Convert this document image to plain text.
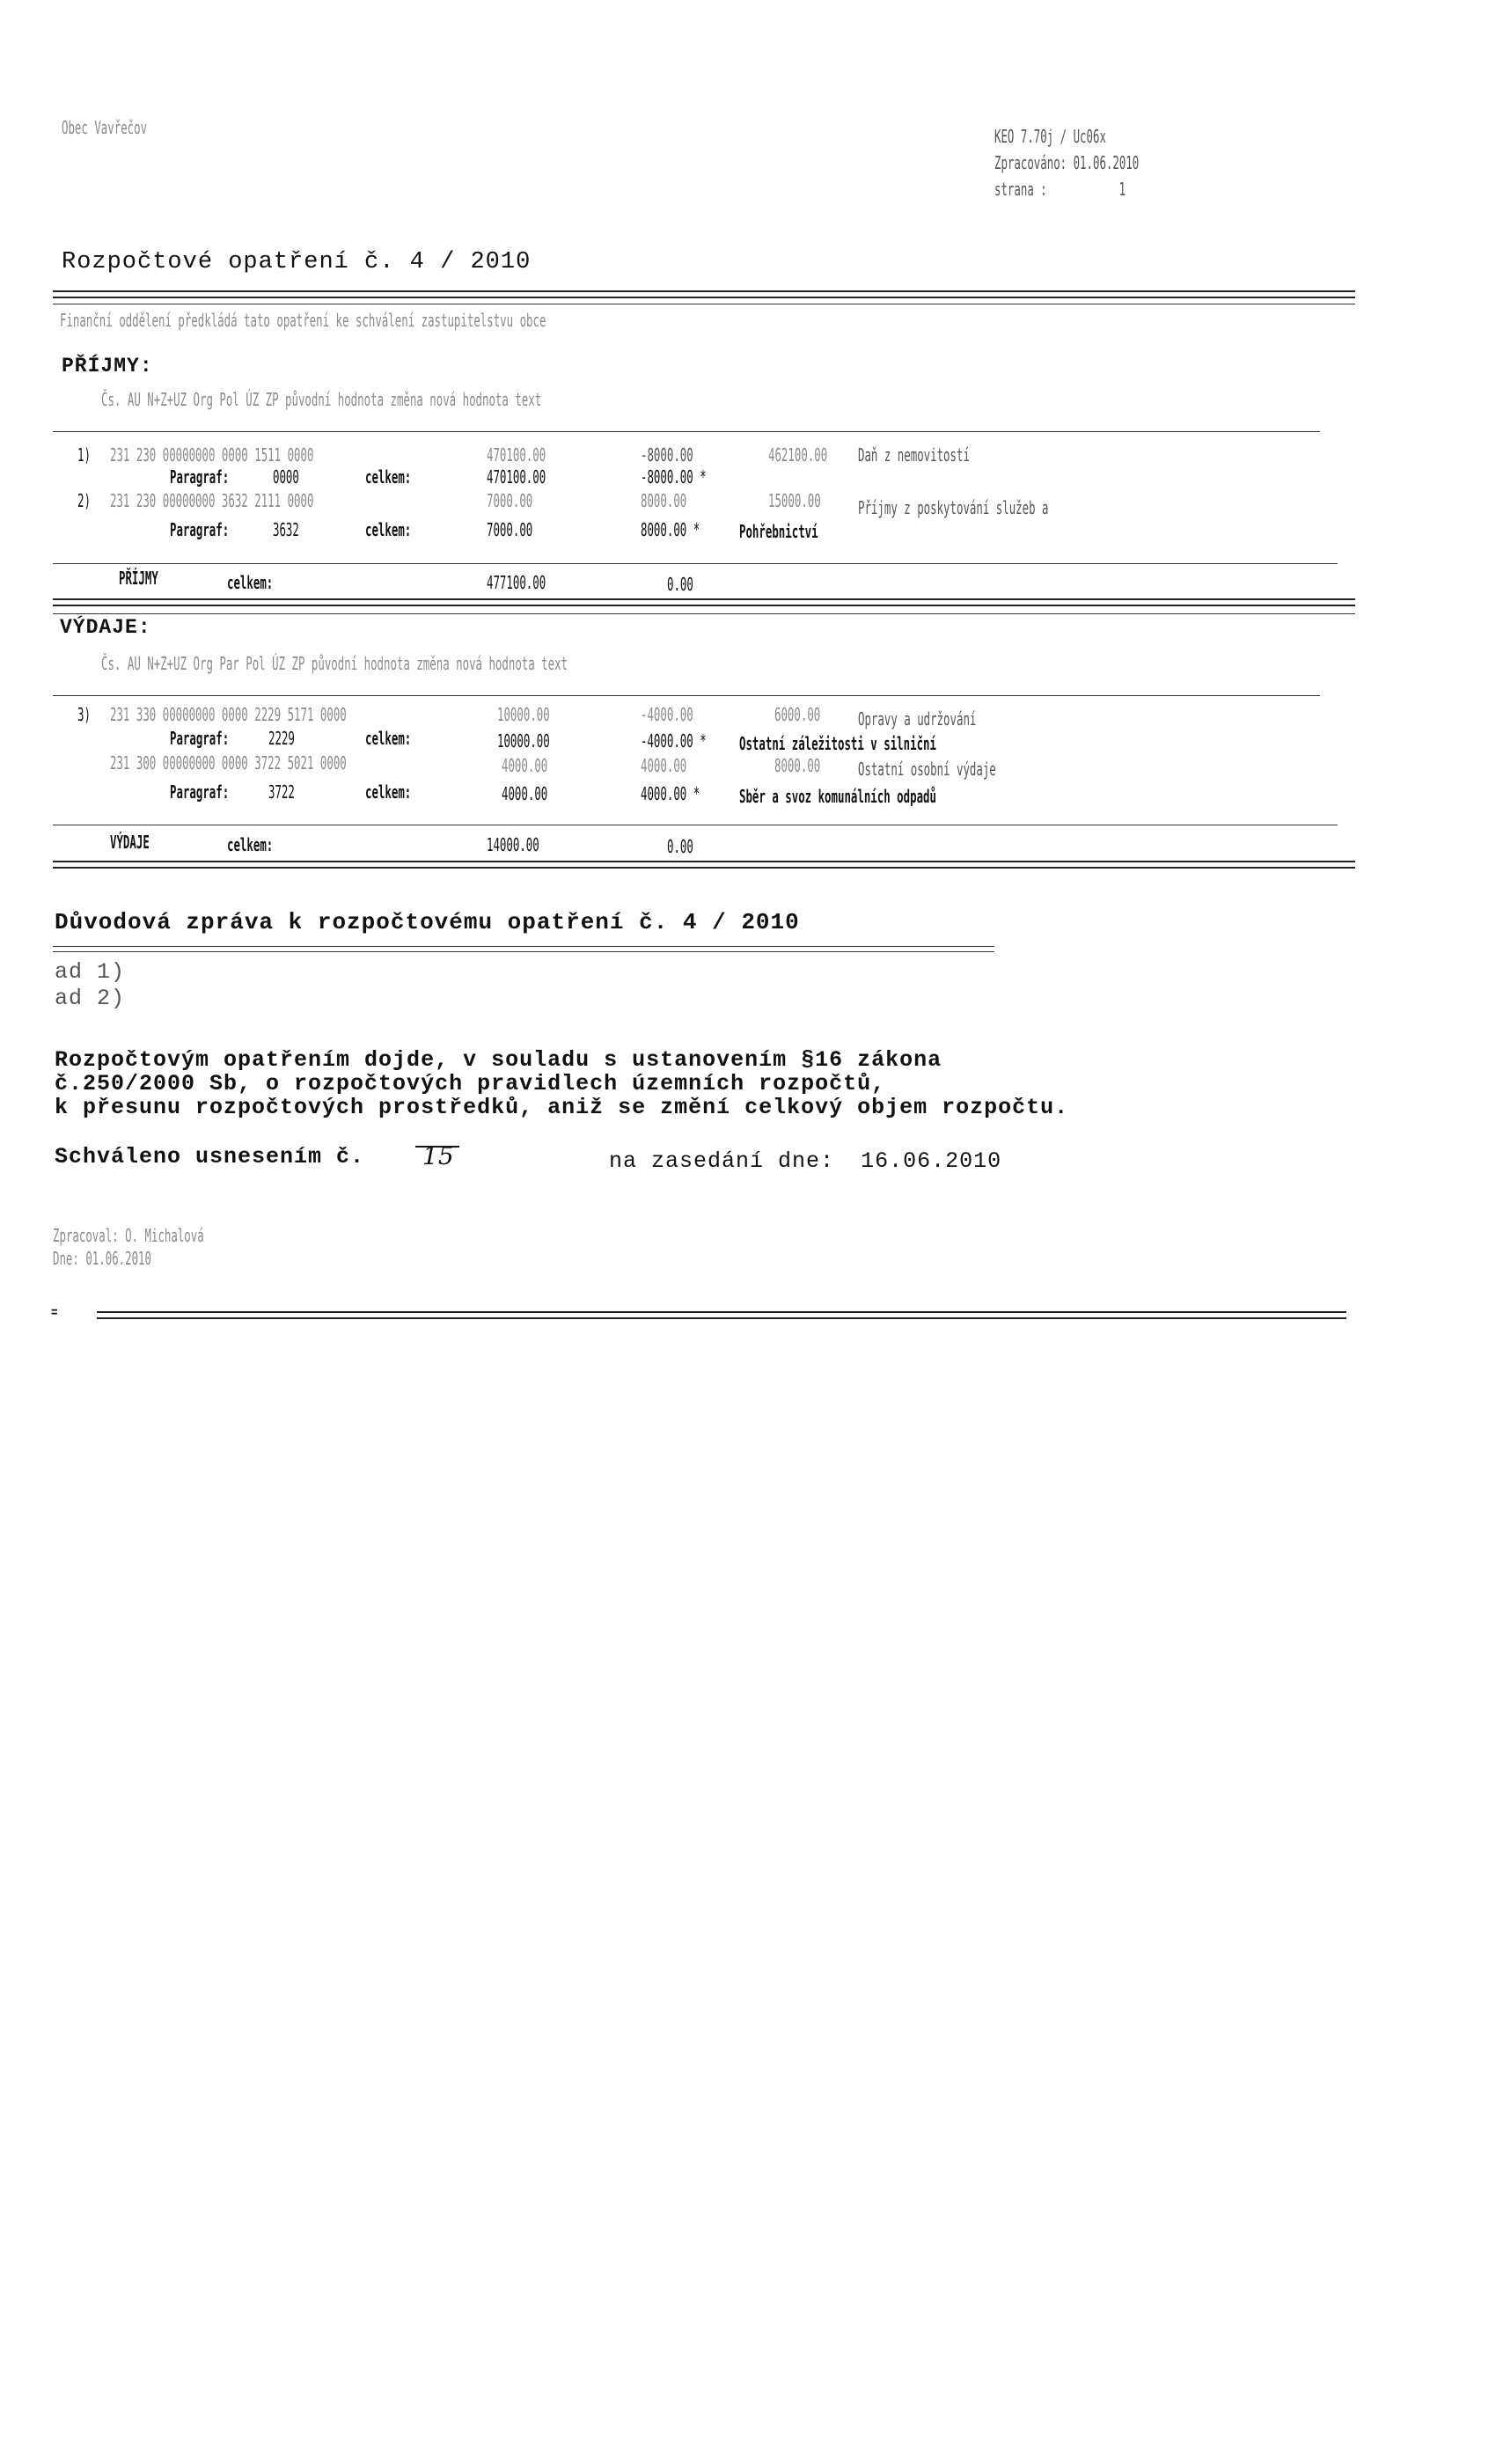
Obec Vavřečov	KEO 7.70j / Uc06x
Zpracováno: 01.06.2010
strana :	1
Rozpočtové opatření č. 4 / 2010
Finanční oddělení předkládá tato opatření ke schválení zastupitelstvu obce
PŘÍJMY:
Čs. AU N+Z+UZ Org Pol ÚZ ZP původní hodnota změna nová hodnota text
1) 231 230 00000000 0000 1511 0000	470100.00	-8000.00	462100.00 Daň z nemovitostí
Paragraf: 0000	celkem:	470100.00	-8000.00 *
2) 231 230 00000000 3632 2111 0000	7000.00	8000.00	15000.00 Příjmy z poskytování služeb a
Paragraf: 3632	celkem:	7000.00	8000.00 * Pohřebnictví
PŘÍJMY	celkem:	477100.00	0.00
VÝDAJE:
Čs. AU N+Z+UZ Org Par Pol ÚZ ZP původní hodnota změna nová hodnota text
3) 231 330 00000000 0000 2229 5171 0000	10000.00	-4000.00	6000.00 Opravy a udržování
Paragraf: 2229	celkem:	10000.00	-4000.00 * Ostatní záležitosti v silniční
231 300 00000000 0000 3722 5021 0000	4000.00	4000.00	8000.00 Ostatní osobní výdaje
Paragraf: 3722	celkem:	4000.00	4000.00 * Sběr a svoz komunálních odpadů
VÝDAJE	celkem:	14000.00	0.00
Důvodová zpráva k rozpočtovému opatření č. 4 / 2010
ad 1)
ad 2)
Rozpočtovým opatřením dojde, v souladu s ustanovením §16 zákona
č.250/2000 Sb, o rozpočtových pravidlech územních rozpočtů,
k přesunu rozpočtových prostředků, aniž se změní celkový objem rozpočtu.
Schváleno usnesením č. 15	na zasedání dne: 16.06.2010
Zpracoval: O. Michalová
Dne: 01.06.2010
=
